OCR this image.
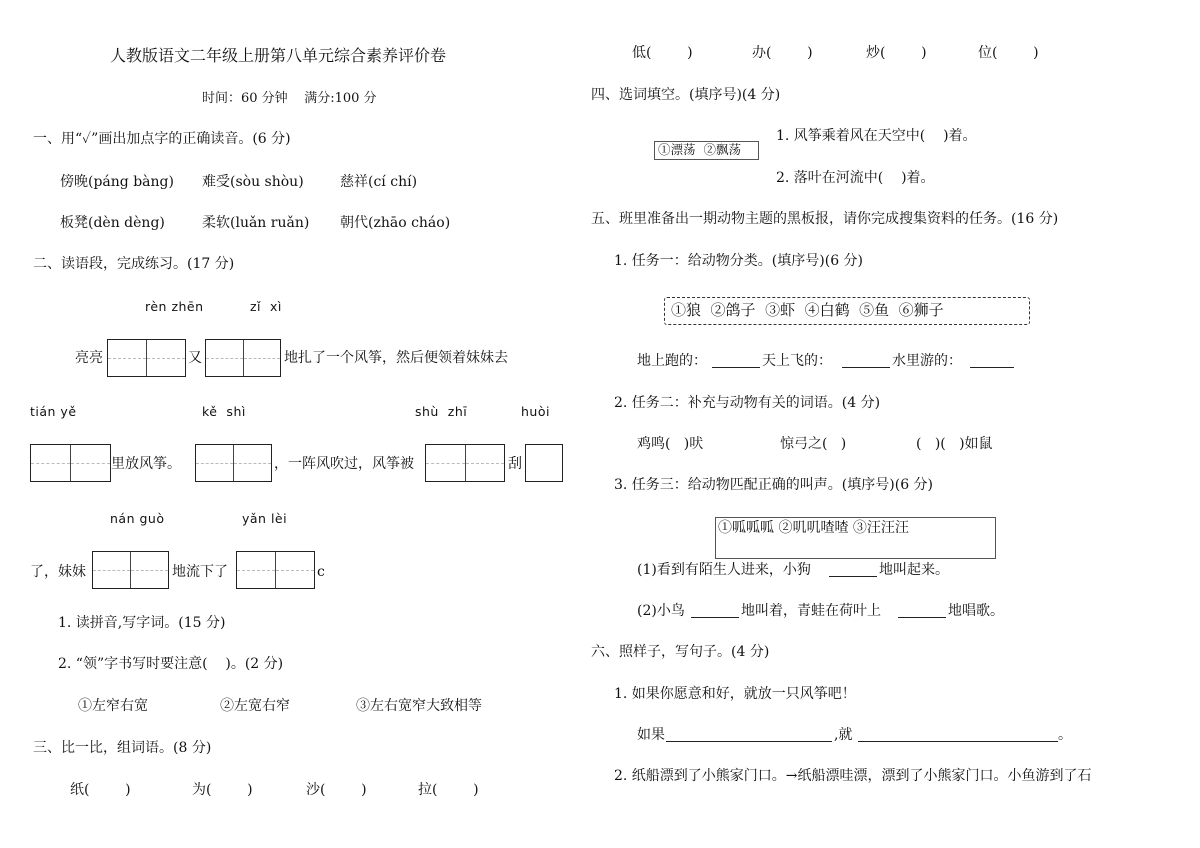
人教版语文二年级上册第八单元综合素养评价卷
时间：60 分钟    满分:100 分
一、用“✓”画出加点字的正确读音。(6 分)
傍晚(páng bàng) 难受(sòu shòu)	慈祥(cí chí)
板凳(dèn dèng)	柔软(luǎn ruǎn) 朝代(zhāo cháo)
二、读语段，完成练习。(17 分)
rèn zhēn	zǐ  xì
亮亮	又	地扎了一个风筝，然后便领着妹妹去
tián yě	kě  shì	shù  zhī	huòi
里放风筝。	，一阵风吹过，风筝被	刮
nán guò	yǎn lèi
了，妹妹	地流下了	c
1. 读拼音,写字词。(15 分)
2. “领”字书写时要注意(    )。(2 分)
①左窄右宽	②左宽右窄	③左右宽窄大致相等
三、比一比，组词语。(8 分)
纸(        )	为(        )	沙(        )	拉(        )
低(        )	办(        )	炒(        )	位(        )
四、选词填空。(填序号)(4 分)
①漂荡  ②飘荡
1. 风筝乘着风在天空中(    )着。
2. 落叶在河流中(    )着。
五、班里准备出一期动物主题的黑板报，请你完成搜集资料的任务。(16 分)
1. 任务一：给动物分类。(填序号)(6 分)
①狼  ②鸽子  ③虾  ④白鹤  ⑤鱼  ⑥狮子
地上跑的：	天上飞的：	水里游的：
2. 任务二：补充与动物有关的词语。(4 分)
鸡鸣(   )吠	惊弓之(   )	(   )(   )如鼠
3. 任务三：给动物匹配正确的叫声。(填序号)(6 分)
①呱呱呱 ②叽叽喳喳 ③汪汪汪
(1)看到有陌生人进来，小狗	地叫起来。
(2)小鸟	地叫着，青蛙在荷叶上	地唱歌。
六、照样子，写句子。(4 分)
1. 如果你愿意和好，就放一只风筝吧！
如果	,就	。
2. 纸船漂到了小熊家门口。→纸船漂哇漂，漂到了小熊家门口。小鱼游到了石
